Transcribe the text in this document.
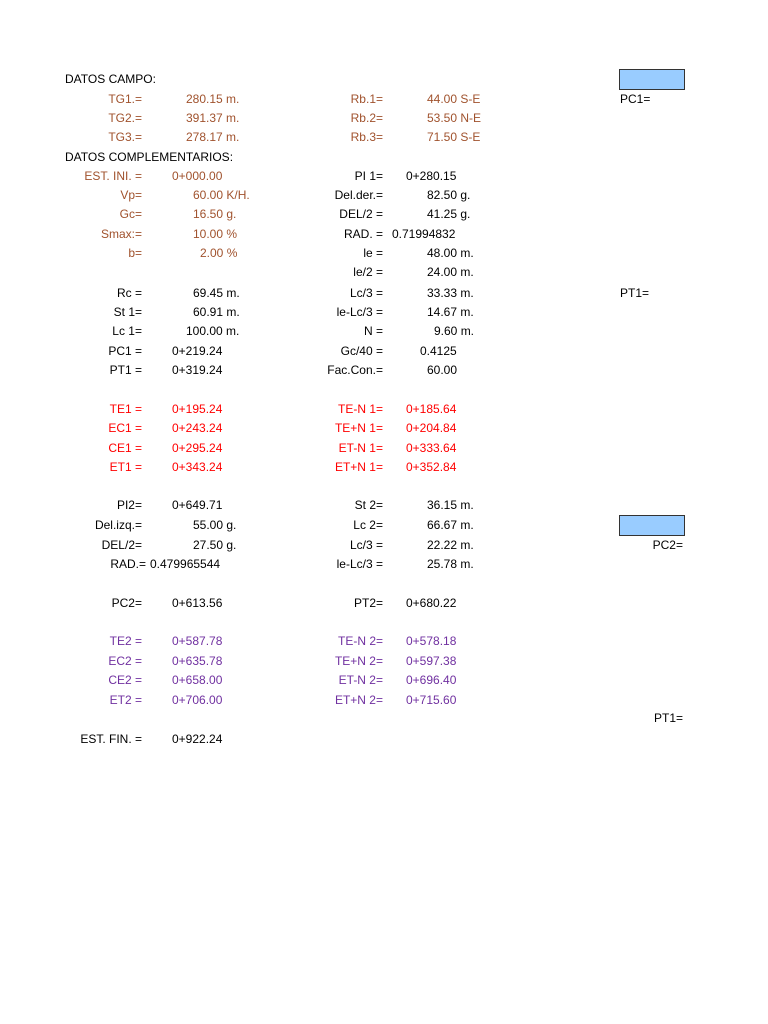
DATOS CAMPO:
DATOS COMPLEMENTARIOS:
TG1.=	280.15 m.	Rb.1=	44.00 S-E
TG2.=	391.37 m.	Rb.2=	53.50 N-E
TG3.=	278.17 m.	Rb.3=	71.50 S-E
EST. INI. =	0+000.00	PI 1= 0+280.15
Vp=	60.00 K/H.	Del.der.=	82.50 g.
Gc=	16.50 g.	DEL/2 =	41.25 g.
Smax:=	10.00 %	RAD. = 0.71994832
b=	2.00 %	le =	48.00 m.
le/2 =	24.00 m.
Rc =	69.45 m.	Lc/3 =	33.33 m.
St 1=	60.91 m.	le-Lc/3 =	14.67 m.
Lc 1=	100.00 m.	N =	9.60 m.
PC1 =	0+219.24	Gc/40 =	0.4125
PT1 =	0+319.24	Fac.Con.=	60.00
TE1 =	0+195.24	TE-N 1= 0+185.64
EC1 =	0+243.24	TE+N 1= 0+204.84
CE1 =	0+295.24	ET-N 1= 0+333.64
ET1 =	0+343.24	ET+N 1= 0+352.84
PI2=	0+649.71	St 2=	36.15 m.
Del.izq.=	55.00 g.	Lc 2=	66.67 m.
DEL/2=	27.50 g.	Lc/3 =	22.22 m.
RAD.= 0.479965544	le-Lc/3 =	25.78 m.
PC2=	0+613.56	PT2= 0+680.22
TE2 =	0+587.78	TE-N 2= 0+578.18
EC2 =	0+635.78	TE+N 2= 0+597.38
CE2 =	0+658.00	ET-N 2= 0+696.40
ET2 =	0+706.00	ET+N 2= 0+715.60
EST. FIN. =	0+922.24
PC1=
PT1=
PC2=
PT1=
